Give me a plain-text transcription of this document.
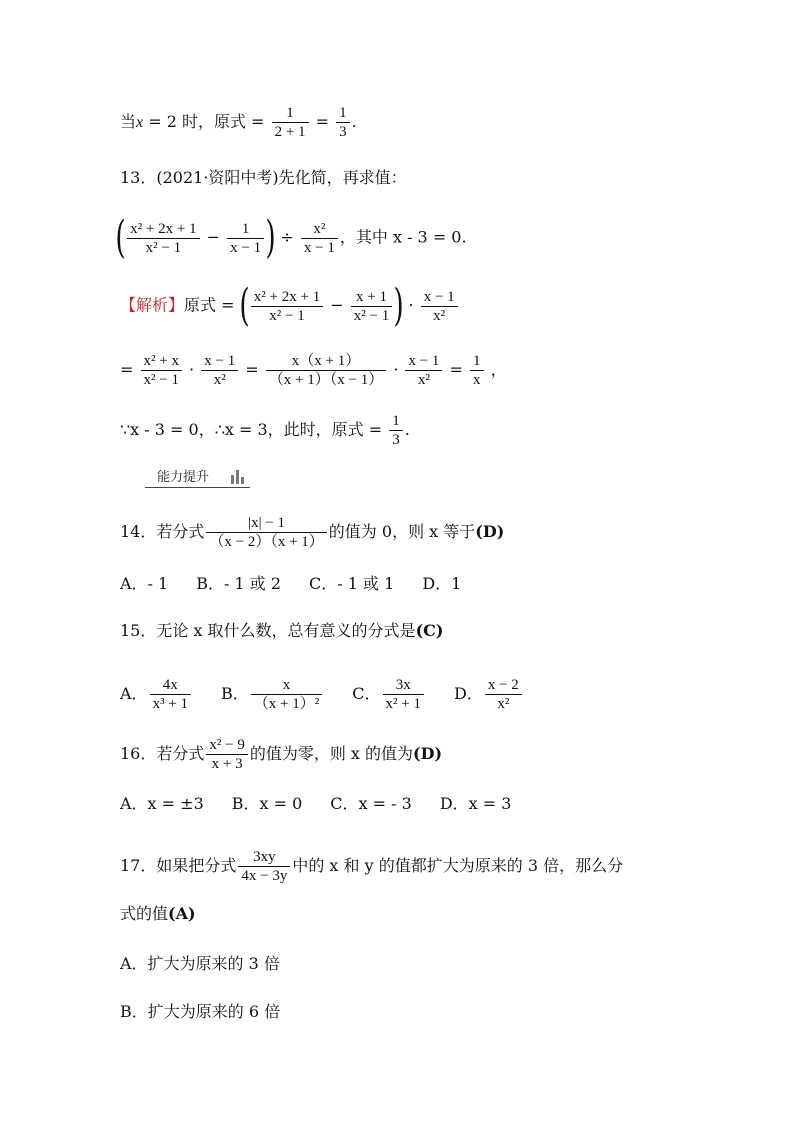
当x = 2 时，原式 = $\frac{1}{2 + 1} = \frac{1}{3}$ .
13．(2021·资阳中考)先化简，再求值：
( $\frac{\text{x² + 2x + 1}}{\text{x² − 1}} - \frac{1}{x - 1}$ ) ÷ $\frac{\text{x²}}{x - 1}$ ，其中 x - 3 = 0.
【解析】原式 = ( $\frac{\text{x² + 2x + 1}}{\text{x² − 1}} - \frac{x + 1}{\text{x² − 1}}$ ) · $\frac{x - 1}{\text{x²}}$
= $\frac{\text{x² + x}}{\text{x² − 1}} \cdot \frac{x - 1}{\text{x²}} = \frac{x(x + 1)}{(x + 1)(x - 1)} \cdot \frac{x - 1}{\text{x²}} = \frac{1}{x}$ ，
∵x - 3 = 0，∴x = 3，此时，原式 = $\frac{1}{3}$ .
能力提升
14．若分式 $\frac{|x| - 1}{(x - 2)(x + 1)}$ 的值为 0，则 x 等于(D)
A．- 1 B．- 1 或 2 C．- 1 或 1 D．1
15．无论 x 取什么数，总有意义的分式是(C)
A． $\frac{4x}{\text{x³ + 1}}$ B． $\frac{x}{\text{（x + 1）²}}$ C． $\frac{3x}{\text{x² + 1}}$ D． $\frac{x - 2}{\text{x²}}$
16．若分式 $\frac{\text{x² − 9}}{x + 3}$ 的值为零，则 x 的值为(D)
A．x = ±3 B．x = 0 C．x = - 3 D．x = 3
17．如果把分式 $\frac{3xy}{4x - 3y}$ 中的 x 和 y 的值都扩大为原来的 3 倍，那么分
式的值(A)
A．扩大为原来的 3 倍
B．扩大为原来的 6 倍
